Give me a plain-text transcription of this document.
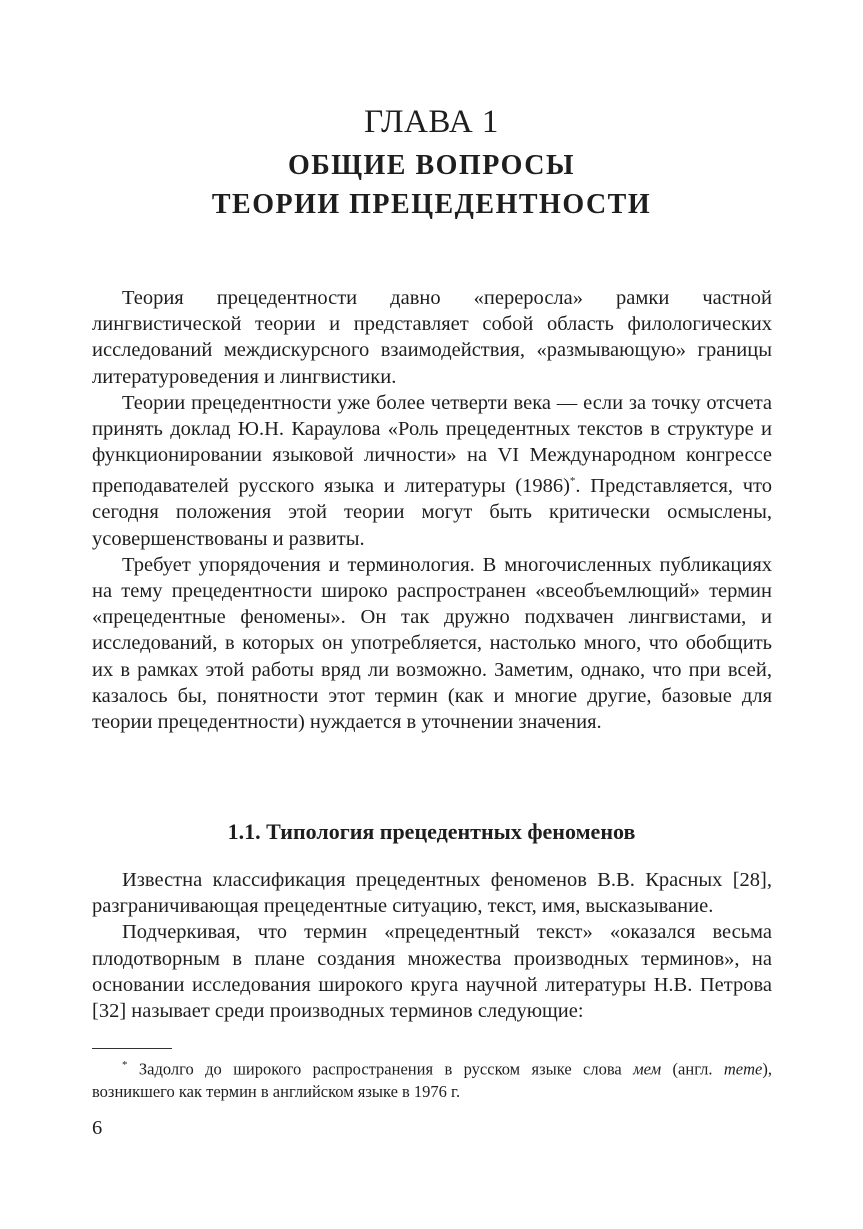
ГЛАВА 1
ОБЩИЕ ВОПРОСЫ
ТЕОРИИ ПРЕЦЕДЕНТНОСТИ

Теория прецедентности давно «переросла» рамки частной лингвистической теории и представляет собой область филологических исследований междискурсного взаимодействия, «размывающую» границы литературоведения и лингвистики.

Теории прецедентности уже более четверти века — если за точку отсчета принять доклад Ю.Н. Караулова «Роль прецедентных текстов в структуре и функционировании языковой личности» на VI Международном конгрессе преподавателей русского языка и литературы (1986)*. Представляется, что сегодня положения этой теории могут быть критически осмыслены, усовершенствованы и развиты.

Требует упорядочения и терминология. В многочисленных публикациях на тему прецедентности широко распространен «всеобъемлющий» термин «прецедентные феномены». Он так дружно подхвачен лингвистами, и исследований, в которых он употребляется, настолько много, что обобщить их в рамках этой работы вряд ли возможно. Заметим, однако, что при всей, казалось бы, понятности этот термин (как и многие другие, базовые для теории прецедентности) нуждается в уточнении значения.

1.1. Типология прецедентных феноменов

Известна классификация прецедентных феноменов В.В. Красных [28], разграничивающая прецедентные ситуацию, текст, имя, высказывание.

Подчеркивая, что термин «прецедентный текст» «оказался весьма плодотворным в плане создания множества производных терминов», на основании исследования широкого круга научной литературы Н.В. Петрова [32] называет среди производных терминов следующие:

* Задолго до широкого распространения в русском языке слова мем (англ. meme), возникшего как термин в английском языке в 1976 г.

6
